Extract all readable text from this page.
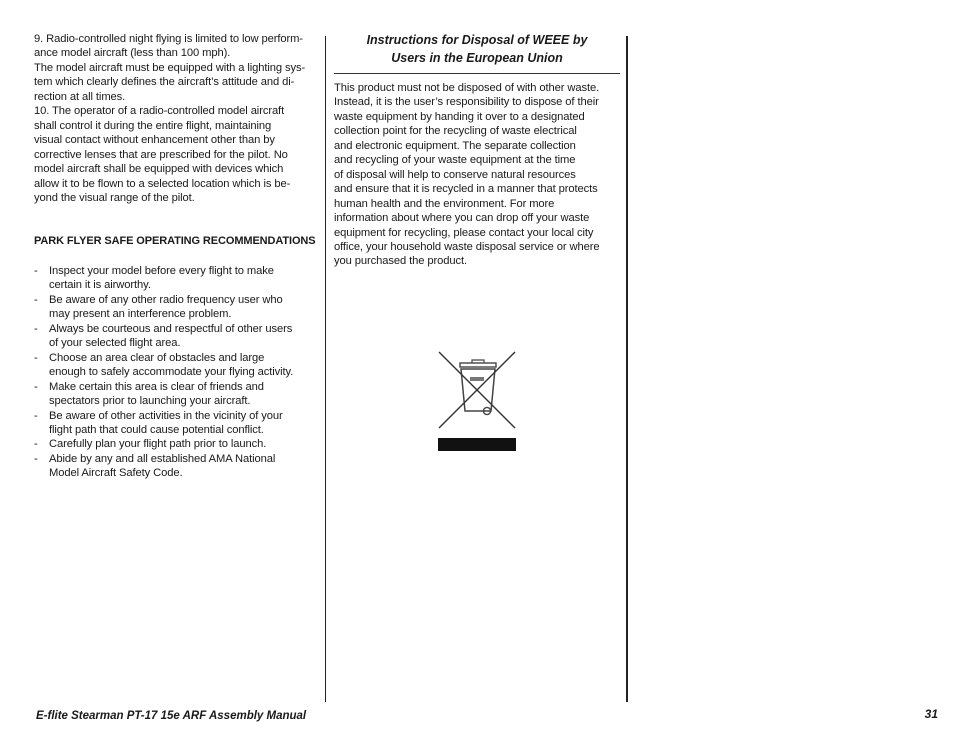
9. Radio-controlled night flying is limited to low perform-
ance model aircraft (less than 100 mph).
The model aircraft must be equipped with a lighting sys-
tem which clearly defines the aircraft’s attitude and di-
rection at all times.
10. The operator of a radio-controlled model aircraft
shall control it during the entire flight, maintaining
visual contact without enhancement other than by
corrective lenses that are prescribed for the pilot. No
model aircraft shall be equipped with devices which
allow it to be flown to a selected location which is be-
yond the visual range of the pilot.
PARK FLYER SAFE OPERATING RECOMMENDATIONS
- Inspect your model before every flight to make
certain it is airworthy.
- Be aware of any other radio frequency user who
may present an interference problem.
- Always be courteous and respectful of other users
of your selected flight area.
- Choose an area clear of obstacles and large
enough to safely accommodate your flying activity.
- Make certain this area is clear of friends and
spectators prior to launching your aircraft.
- Be aware of other activities in the vicinity of your
flight path that could cause potential conflict.
- Carefully plan your flight path prior to launch.
- Abide by any and all established AMA National
Model Aircraft Safety Code.
Instructions for Disposal of WEEE by
Users in the European Union
This product must not be disposed of with other waste.
Instead, it is the user’s responsibility to dispose of their
waste equipment by handing it over to a designated
collection point for the recycling of waste electrical
and electronic equipment. The separate collection
and recycling of your waste equipment at the time
of disposal will help to conserve natural resources
and ensure that it is recycled in a manner that protects
human health and the environment. For more
information about where you can drop off your waste
equipment for recycling, please contact your local city
office, your household waste disposal service or where
you purchased the product.
E-flite Stearman PT-17 15e ARF Assembly Manual	31
